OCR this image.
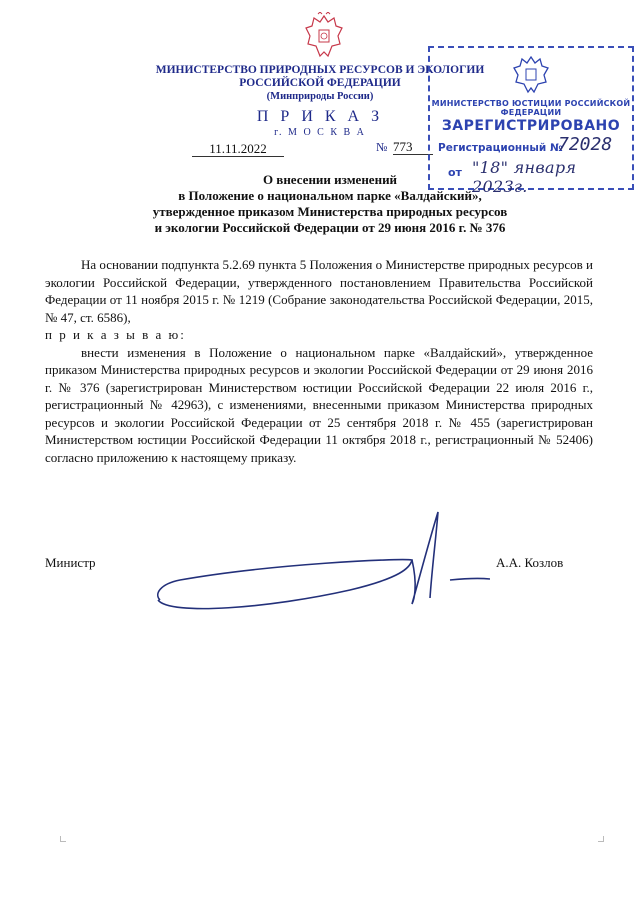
МИНИСТЕРСТВО ПРИРОДНЫХ РЕСУРСОВ И ЭКОЛОГИИ
РОССИЙСКОЙ ФЕДЕРАЦИИ
(Минприроды России)
П Р И К А З
г. М О С К В А
11.11.2022	№ 773
МИНИСТЕРСТВО ЮСТИЦИИ РОССИЙСКОЙ ФЕДЕРАЦИИ
ЗАРЕГИСТРИРОВАНО
Регистрационный №
72028
от "18" января 2023г.
О внесении изменений
в Положение о национальном парке «Валдайский»,
утвержденное приказом Министерства природных ресурсов
и экологии Российской Федерации от 29 июня 2016 г. № 376

На основании подпункта 5.2.69 пункта 5 Положения о Министерстве природных ресурсов и экологии Российской Федерации, утвержденного постановлением Правительства Российской Федерации от 11 ноября 2015 г. № 1219 (Собрание законодательства Российской Федерации, 2015, № 47, ст. 6586),

п р и к а з ы в а ю:

внести изменения в Положение о национальном парке «Валдайский», утвержденное приказом Министерства природных ресурсов и экологии Российской Федерации от 29 июня 2016 г. № 376 (зарегистрирован Министерством юстиции Российской Федерации 22 июля 2016 г., регистрационный № 42963), с изменениями, внесенными приказом Министерства природных ресурсов и экологии Российской Федерации от 25 сентября 2018 г. № 455 (зарегистрирован Министерством юстиции Российской Федерации 11 октября 2018 г., регистрационный № 52406) согласно приложению к настоящему приказу.

Министр	А.А. Козлов
